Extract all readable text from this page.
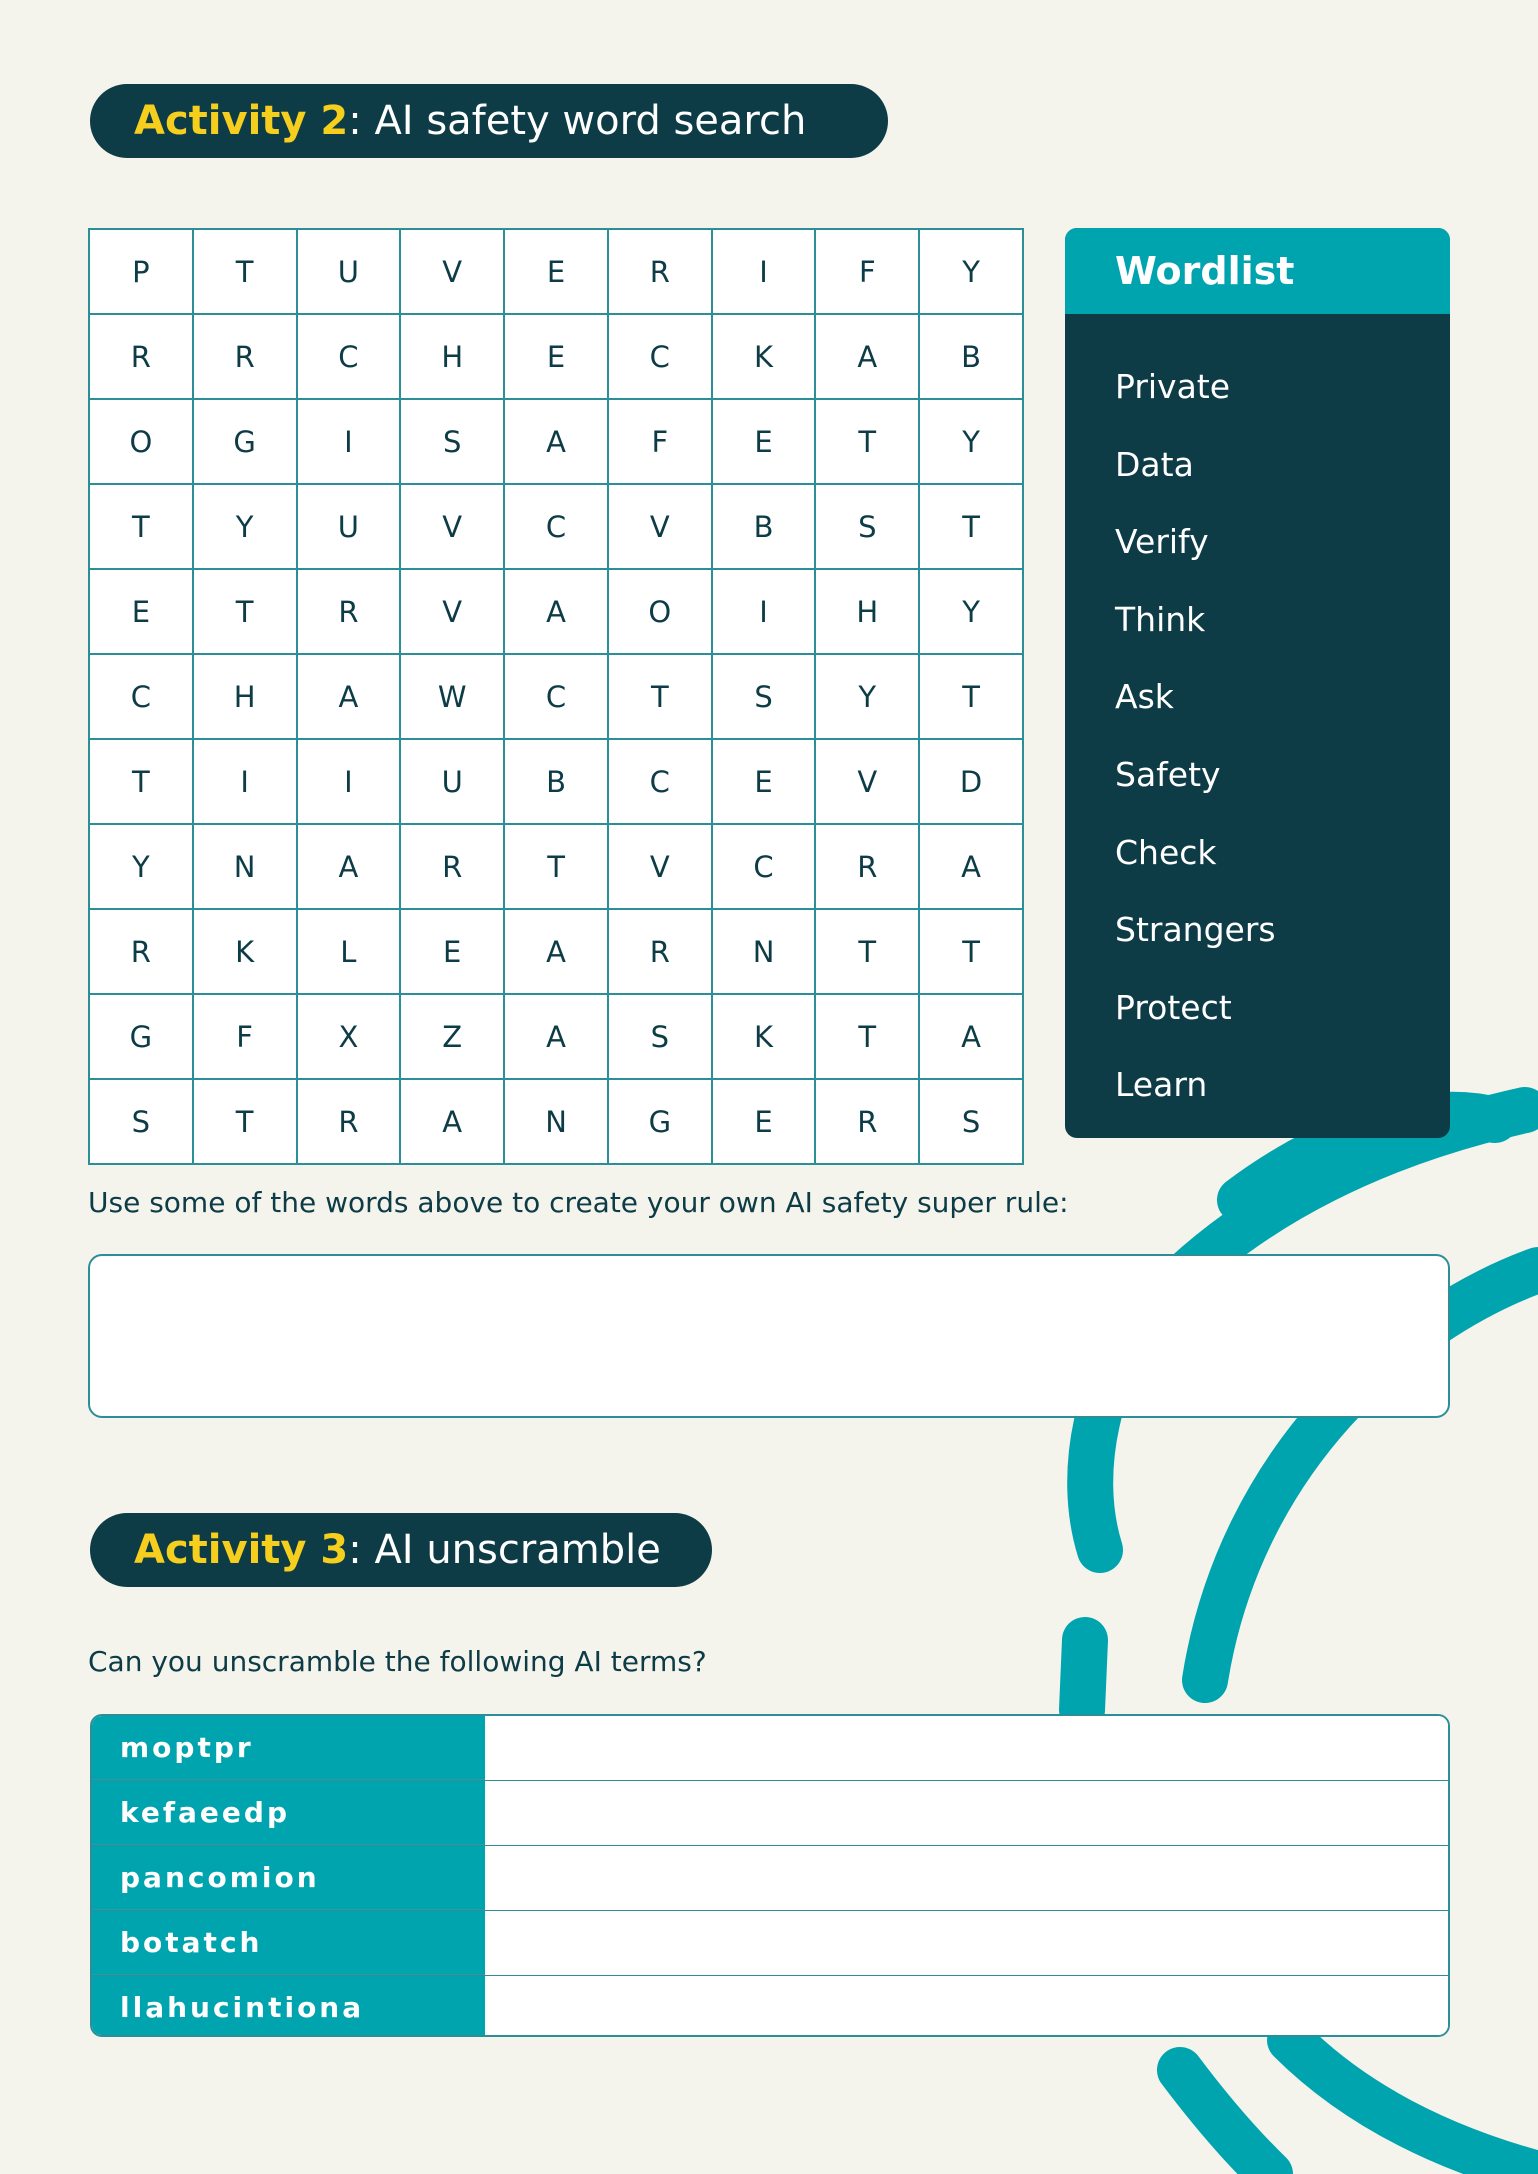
Activity 2 : AI safety word search
P	T	U	V	E	R	I	F	Y
R	R	C	H	E	C	K	A	B
O	G	I	S	A	F	E	T	Y
T	Y	U	V	C	V	B	S	T
E	T	R	V	A	O	I	H	Y
C	H	A	W	C	T	S	Y	T
T	I	I	U	B	C	E	V	D
Y	N	A	R	T	V	C	R	A
R	K	L	E	A	R	N	T	T
G	F	X	Z	A	S	K	T	A
S	T	R	A	N	G	E	R	S
Wordlist
Private
Data
Verify
Think
Ask
Safety
Check
Strangers
Protect
Learn
Use some of the words above to create your own AI safety super rule:
Activity 3 : AI unscramble
Can you unscramble the following AI terms?
moptpr
kefaeedp
pancomion
botatch
llahucintiona
